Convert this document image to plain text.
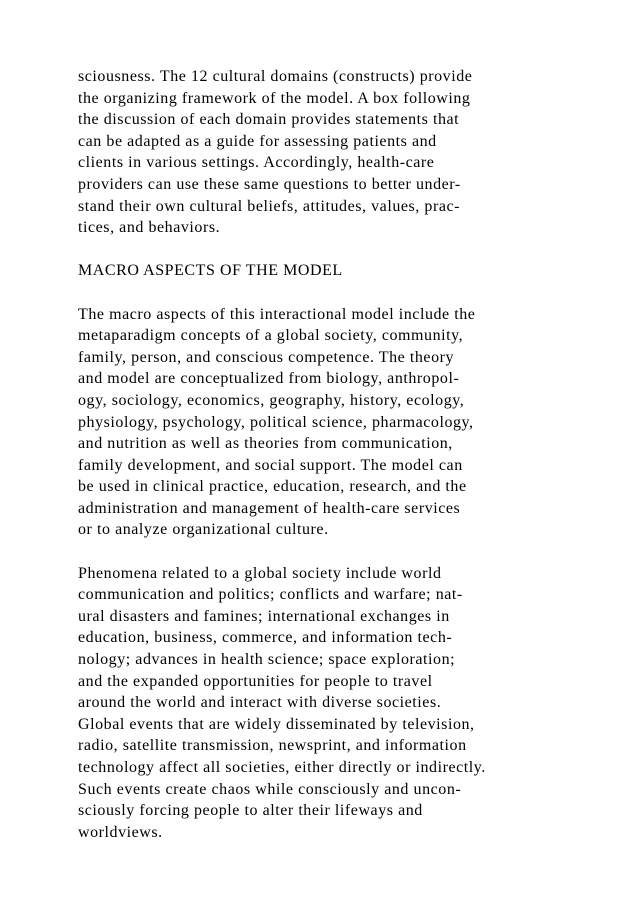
sciousness. The 12 cultural domains (constructs) provide
the organizing framework of the model. A box following
the discussion of each domain provides statements that
can be adapted as a guide for assessing patients and
clients in various settings. Accordingly, health-care
providers can use these same questions to better under-
stand their own cultural beliefs, attitudes, values, prac-
tices, and behaviors.
MACRO ASPECTS OF THE MODEL
The macro aspects of this interactional model include the
metaparadigm concepts of a global society, community,
family, person, and conscious competence. The theory
and model are conceptualized from biology, anthropol-
ogy, sociology, economics, geography, history, ecology,
physiology, psychology, political science, pharmacology,
and nutrition as well as theories from communication,
family development, and social support. The model can
be used in clinical practice, education, research, and the
administration and management of health-care services
or to analyze organizational culture.
Phenomena related to a global society include world
communication and politics; conflicts and warfare; nat-
ural disasters and famines; international exchanges in
education, business, commerce, and information tech-
nology; advances in health science; space exploration;
and the expanded opportunities for people to travel
around the world and interact with diverse societies.
Global events that are widely disseminated by television,
radio, satellite transmission, newsprint, and information
technology affect all societies, either directly or indirectly.
Such events create chaos while consciously and uncon-
sciously forcing people to alter their lifeways and
worldviews.
